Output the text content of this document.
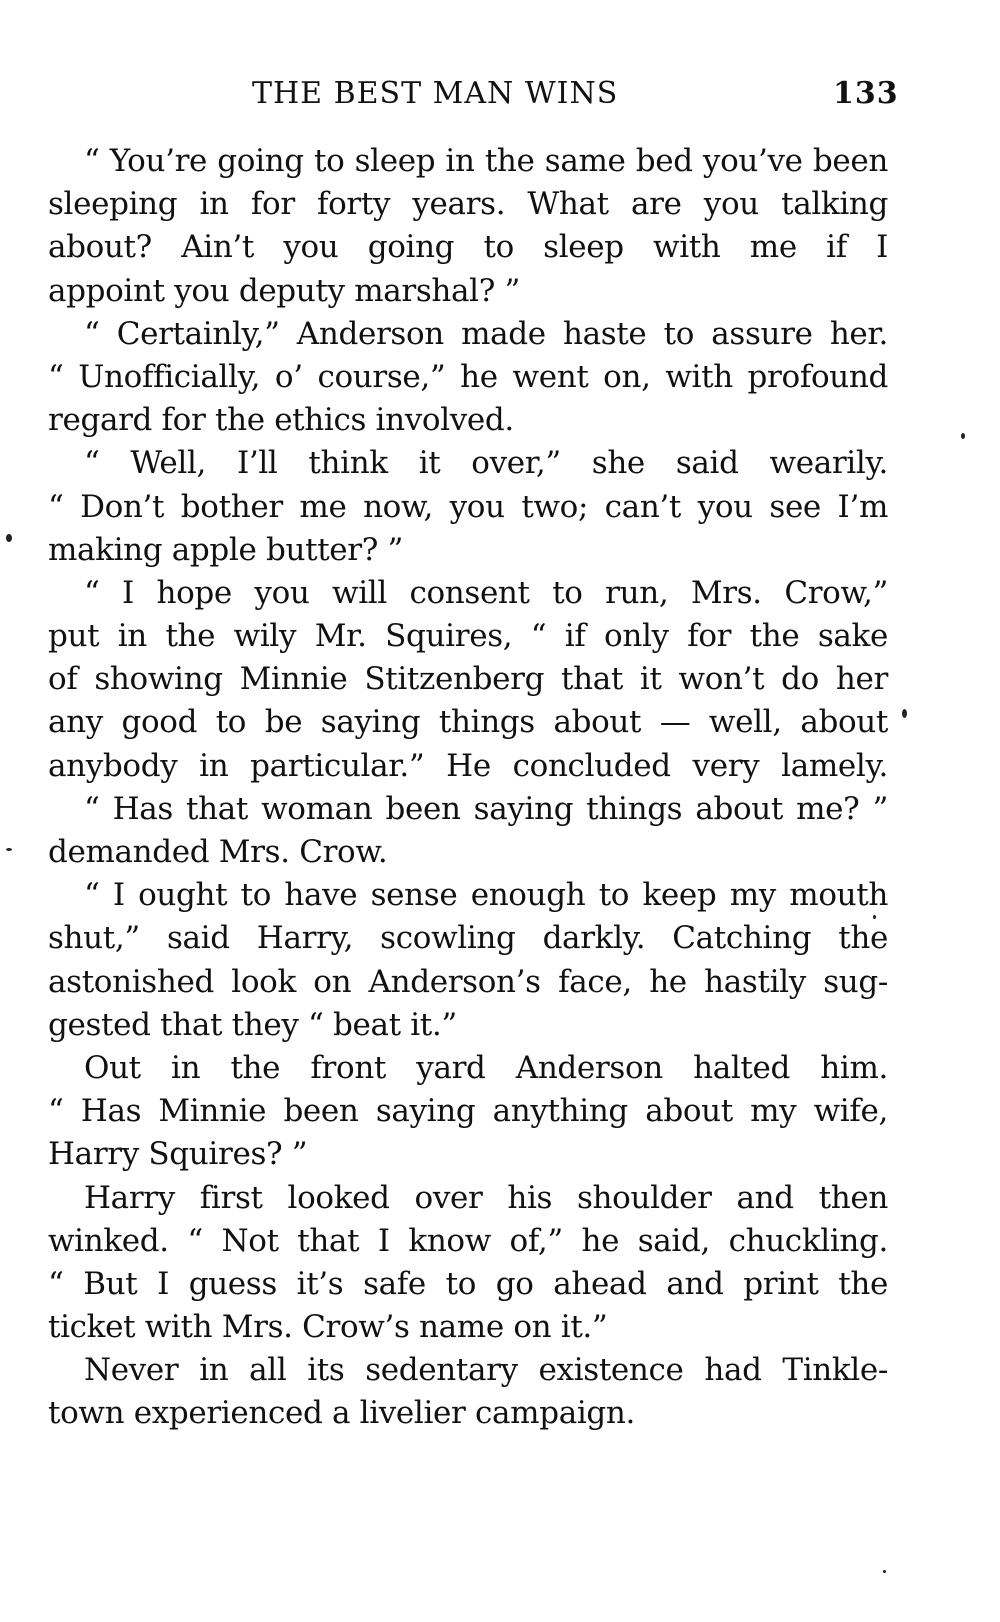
THE BEST MAN WINS	133
“ You’re going to sleep in the same bed you’ve been
sleeping in for forty years. What are you talking
about? Ain’t you going to sleep with me if I
appoint you deputy marshal? ”
“ Certainly,” Anderson made haste to assure her.
“ Unofficially, o’ course,” he went on, with profound
regard for the ethics involved.
“ Well, I’ll think it over,” she said wearily.
“ Don’t bother me now, you two; can’t you see I’m
making apple butter? ”
“ I hope you will consent to run, Mrs. Crow,”
put in the wily Mr. Squires, “ if only for the sake
of showing Minnie Stitzenberg that it won’t do her
any good to be saying things about — well, about
anybody in particular.” He concluded very lamely.
“ Has that woman been saying things about me? ”
demanded Mrs. Crow.
“ I ought to have sense enough to keep my mouth
shut,” said Harry, scowling darkly. Catching the
astonished look on Anderson’s face, he hastily sug-
gested that they “ beat it.”
Out in the front yard Anderson halted him.
“ Has Minnie been saying anything about my wife,
Harry Squires? ”
Harry first looked over his shoulder and then
winked. “ Not that I know of,” he said, chuckling.
“ But I guess it’s safe to go ahead and print the
ticket with Mrs. Crow’s name on it.”
Never in all its sedentary existence had Tinkle-
town experienced a livelier campaign.
